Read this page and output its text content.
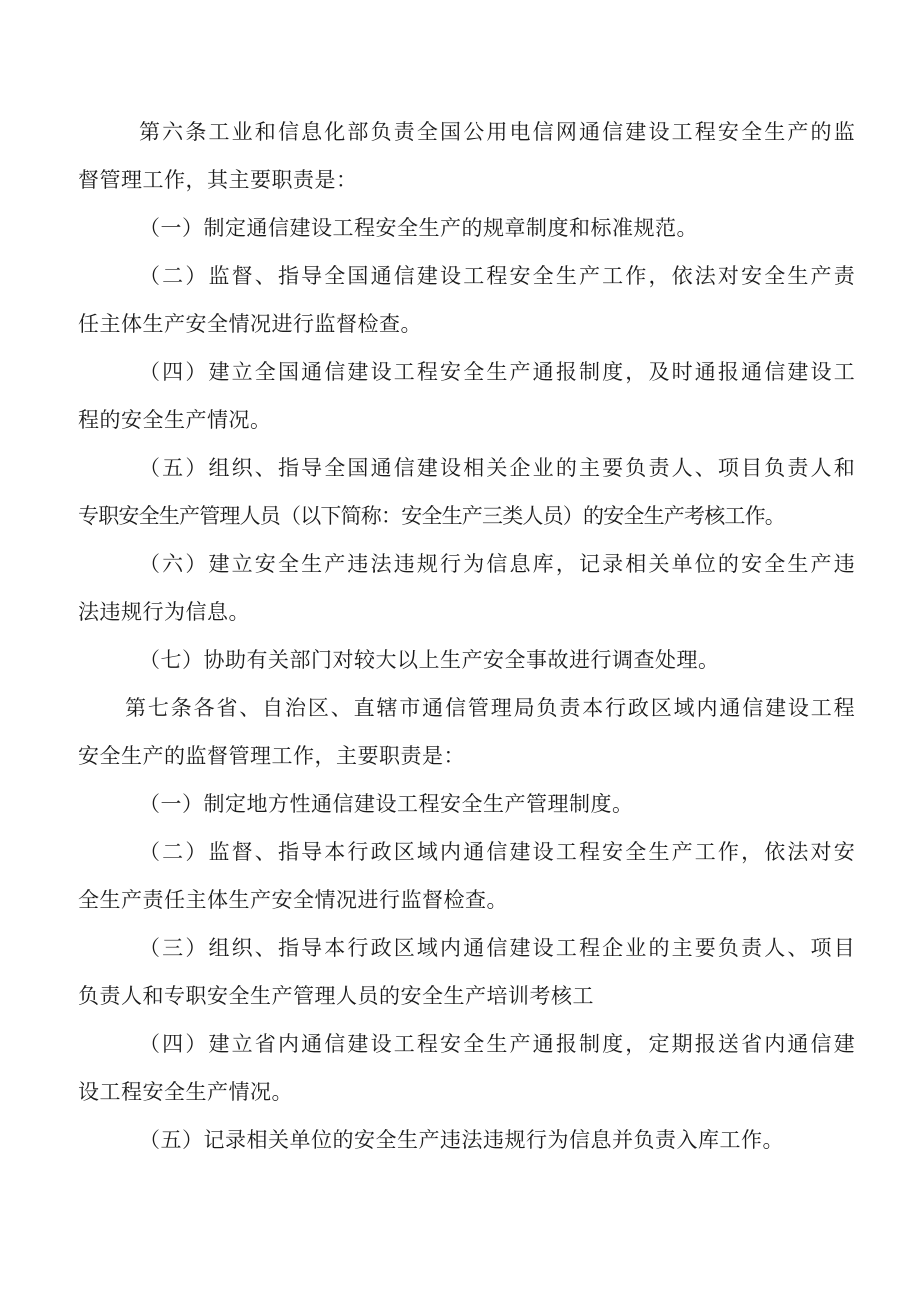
第 六 条 工 业 和 信 息 化 部 负 责 全 国 公 用 电 信 网 通 信 建 设 工 程 安 全 生 产 的 监
督管理工作，其主要职责是：
（一）制定通信建设工程安全生产的规章制度和标准规范。
（ 二 ） 监 督 、 指 导 全 国 通 信 建 设 工 程 安 全 生 产 工 作 ， 依 法 对 安 全 生 产 责
任主体生产安全情况进行监督检查。
（ 四 ） 建 立 全 国 通 信 建 设 工 程 安 全 生 产 通 报 制 度 ， 及 时 通 报 通 信 建 设 工
程的安全生产情况。
（ 五 ） 组 织 、 指 导 全 国 通 信 建 设 相 关 企 业 的 主 要 负 责 人 、 项 目 负 责 人 和
专职安全生产管理人员（以下简称：安全生产三类人员）的安全生产考核工作。
（ 六 ） 建 立 安 全 生 产 违 法 违 规 行 为 信 息 库 ， 记 录 相 关 单 位 的 安 全 生 产 违
法违规行为信息。
（七）协助有关部门对较大以上生产安全事故进行调查处理。
第 七 条 各 省 、 自 治 区 、 直 辖 市 通 信 管 理 局 负 责 本 行 政 区 域 内 通 信 建 设 工 程
安全生产的监督管理工作，主要职责是：
（一）制定地方性通信建设工程安全生产管理制度。
（ 二 ） 监 督 、 指 导 本 行 政 区 域 内 通 信 建 设 工 程 安 全 生 产 工 作 ， 依 法 对 安
全生产责任主体生产安全情况进行监督检查。
（ 三 ） 组 织 、 指 导 本 行 政 区 域 内 通 信 建 设 工 程 企 业 的 主 要 负 责 人 、 项 目
负责人和专职安全生产管理人员的安全生产培训考核工
（ 四 ） 建 立 省 内 通 信 建 设 工 程 安 全 生 产 通 报 制 度 ， 定 期 报 送 省 内 通 信 建
设工程安全生产情况。
（五）记录相关单位的安全生产违法违规行为信息并负责入库工作。
